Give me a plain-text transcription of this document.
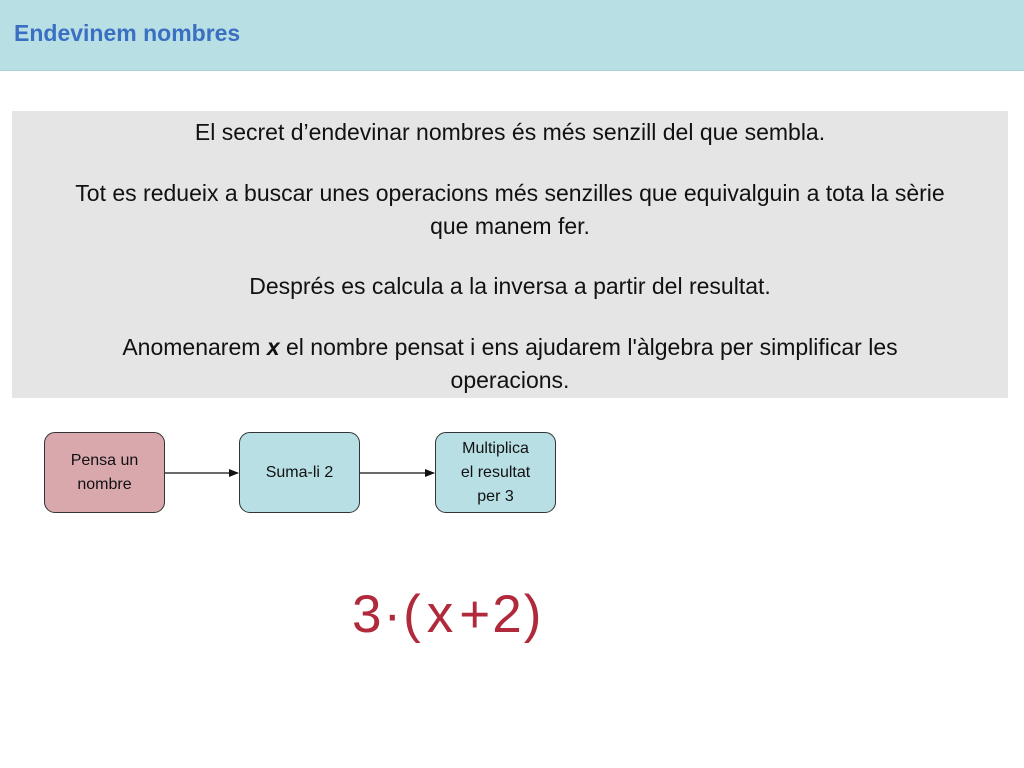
Endevinem nombres
El secret d’endevinar nombres és més senzill del que sembla.
Tot es redueix a buscar unes operacions més senzilles que equivalguin a tota la sèrie
que manem fer.
Després es calcula a la inversa a partir del resultat.
Anomenarem x el nombre pensat i ens ajudarem l'àlgebra per simplificar les
operacions.
Pensa un
nombre
Suma-li 2
Multiplica
el resultat
per 3
3·(x+2)
